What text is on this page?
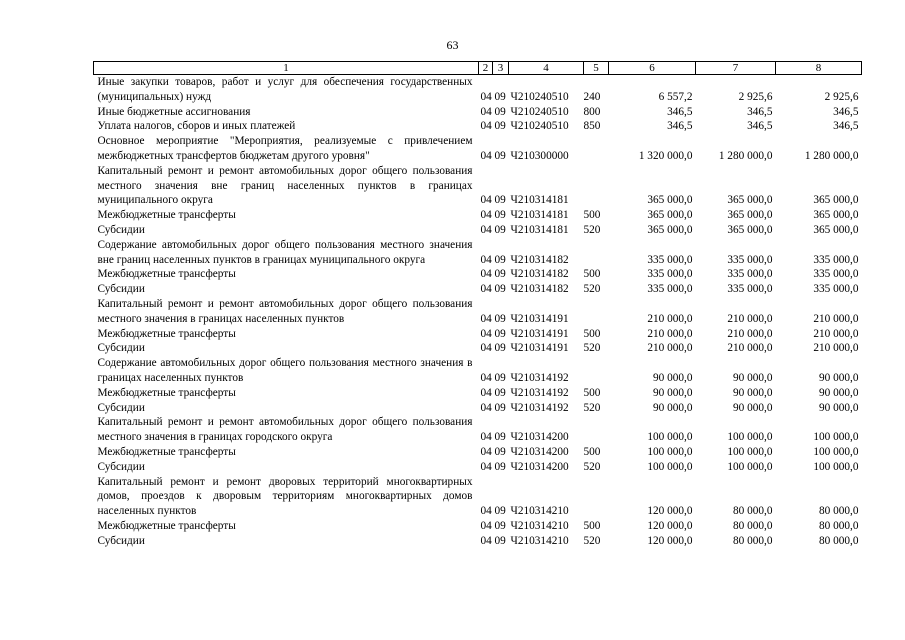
63
1	2	3	4	5	6	7	8
Иные закупки товаров, работ и услуг для обеспечения государственных (муниципальных) нужд	04	09	Ч210240510	240	6 557,2	2 925,6	2 925,6
Иные бюджетные ассигнования	04	09	Ч210240510	800	346,5	346,5	346,5
Уплата налогов, сборов и иных платежей	04	09	Ч210240510	850	346,5	346,5	346,5
Основное мероприятие "Мероприятия, реализуемые с привлечением межбюджетных трансфертов бюджетам другого уровня"	04	09	Ч210300000		1 320 000,0	1 280 000,0	1 280 000,0
Капитальный ремонт и ремонт автомобильных дорог общего пользования местного значения вне границ населенных пунктов в границах муниципального округа	04	09	Ч210314181		365 000,0	365 000,0	365 000,0
Межбюджетные трансферты	04	09	Ч210314181	500	365 000,0	365 000,0	365 000,0
Субсидии	04	09	Ч210314181	520	365 000,0	365 000,0	365 000,0
Содержание автомобильных дорог общего пользования местного значения вне границ населенных пунктов в границах муниципального округа	04	09	Ч210314182		335 000,0	335 000,0	335 000,0
Межбюджетные трансферты	04	09	Ч210314182	500	335 000,0	335 000,0	335 000,0
Субсидии	04	09	Ч210314182	520	335 000,0	335 000,0	335 000,0
Капитальный ремонт и ремонт автомобильных дорог общего пользования местного значения в границах населенных пунктов	04	09	Ч210314191		210 000,0	210 000,0	210 000,0
Межбюджетные трансферты	04	09	Ч210314191	500	210 000,0	210 000,0	210 000,0
Субсидии	04	09	Ч210314191	520	210 000,0	210 000,0	210 000,0
Содержание автомобильных дорог общего пользования местного значения в границах населенных пунктов	04	09	Ч210314192		90 000,0	90 000,0	90 000,0
Межбюджетные трансферты	04	09	Ч210314192	500	90 000,0	90 000,0	90 000,0
Субсидии	04	09	Ч210314192	520	90 000,0	90 000,0	90 000,0
Капитальный ремонт и ремонт автомобильных дорог общего пользования местного значения в границах городского округа	04	09	Ч210314200		100 000,0	100 000,0	100 000,0
Межбюджетные трансферты	04	09	Ч210314200	500	100 000,0	100 000,0	100 000,0
Субсидии	04	09	Ч210314200	520	100 000,0	100 000,0	100 000,0
Капитальный ремонт и ремонт дворовых территорий многоквартирных домов, проездов к дворовым территориям многоквартирных домов населенных пунктов	04	09	Ч210314210		120 000,0	80 000,0	80 000,0
Межбюджетные трансферты	04	09	Ч210314210	500	120 000,0	80 000,0	80 000,0
Субсидии	04	09	Ч210314210	520	120 000,0	80 000,0	80 000,0
